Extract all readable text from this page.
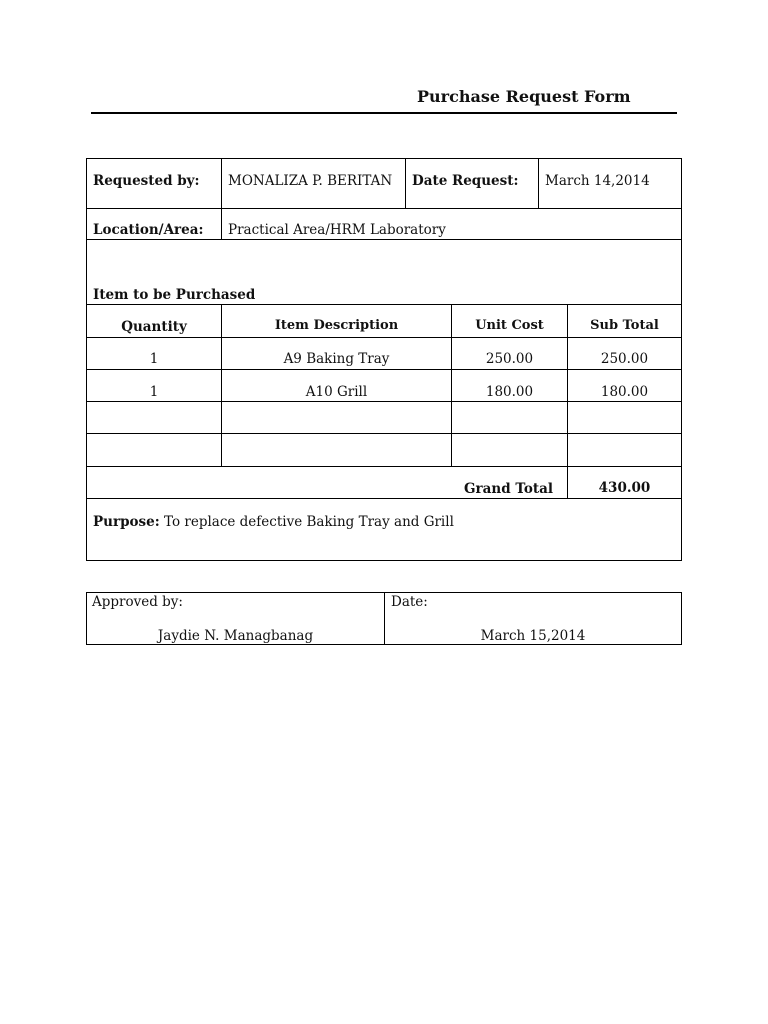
Purchase Request Form
Requested by: MONALIZA P. BERITAN	Date Request: March 14,2014
Location/Area: Practical Area/HRM Laboratory
Item to be Purchased
Quantity	Item Description	Unit Cost	Sub Total
1	A9 Baking Tray	250.00	250.00
1	A10 Grill	180.00	180.00
Grand Total	430.00
Purpose: To replace defective Baking Tray and Grill
Approved by:
Jaydie N. Managbanag
Date:
March 15,2014
